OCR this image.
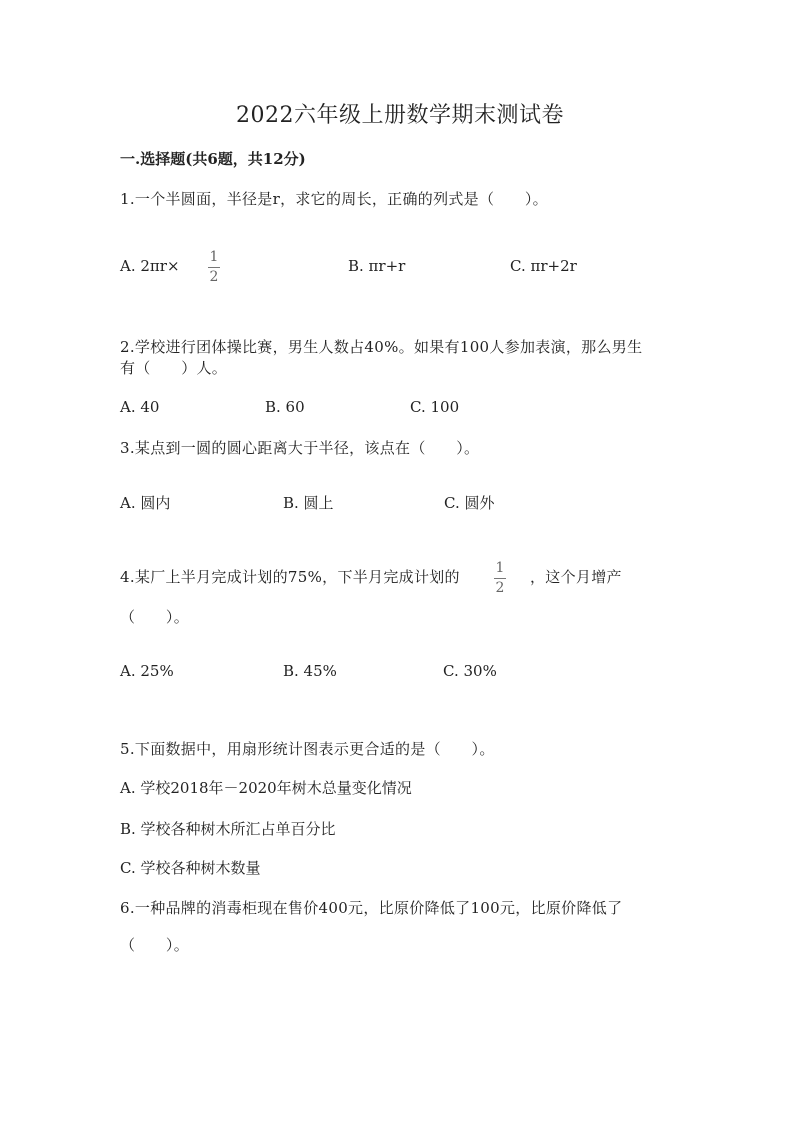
2022六年级上册数学期末测试卷
一.选择题(共6题，共12分)
1.一个半圆面，半径是r，求它的周长，正确的列式是（　　）。
A. 2πr× 1
2
B. πr+r	C. πr+2r
2.学校进行团体操比赛，男生人数占40%。如果有100人参加表演，那么男生
有（　　）人。
A. 40	B. 60	C. 100
3.某点到一圆的圆心距离大于半径，该点在（　　）。
A. 圆内	B. 圆上	C. 圆外
4.某厂上半月完成计划的75%，下半月完成计划的	1
2
，这个月增产
（　　）。
A. 25%	B. 45%	C. 30%
5.下面数据中，用扇形统计图表示更合适的是（　　）。
A. 学校2018年－2020年树木总量变化情况
B. 学校各种树木所汇占单百分比
C. 学校各种树木数量
6.一种品牌的消毒柜现在售价400元，比原价降低了100元，比原价降低了
（　　）。
